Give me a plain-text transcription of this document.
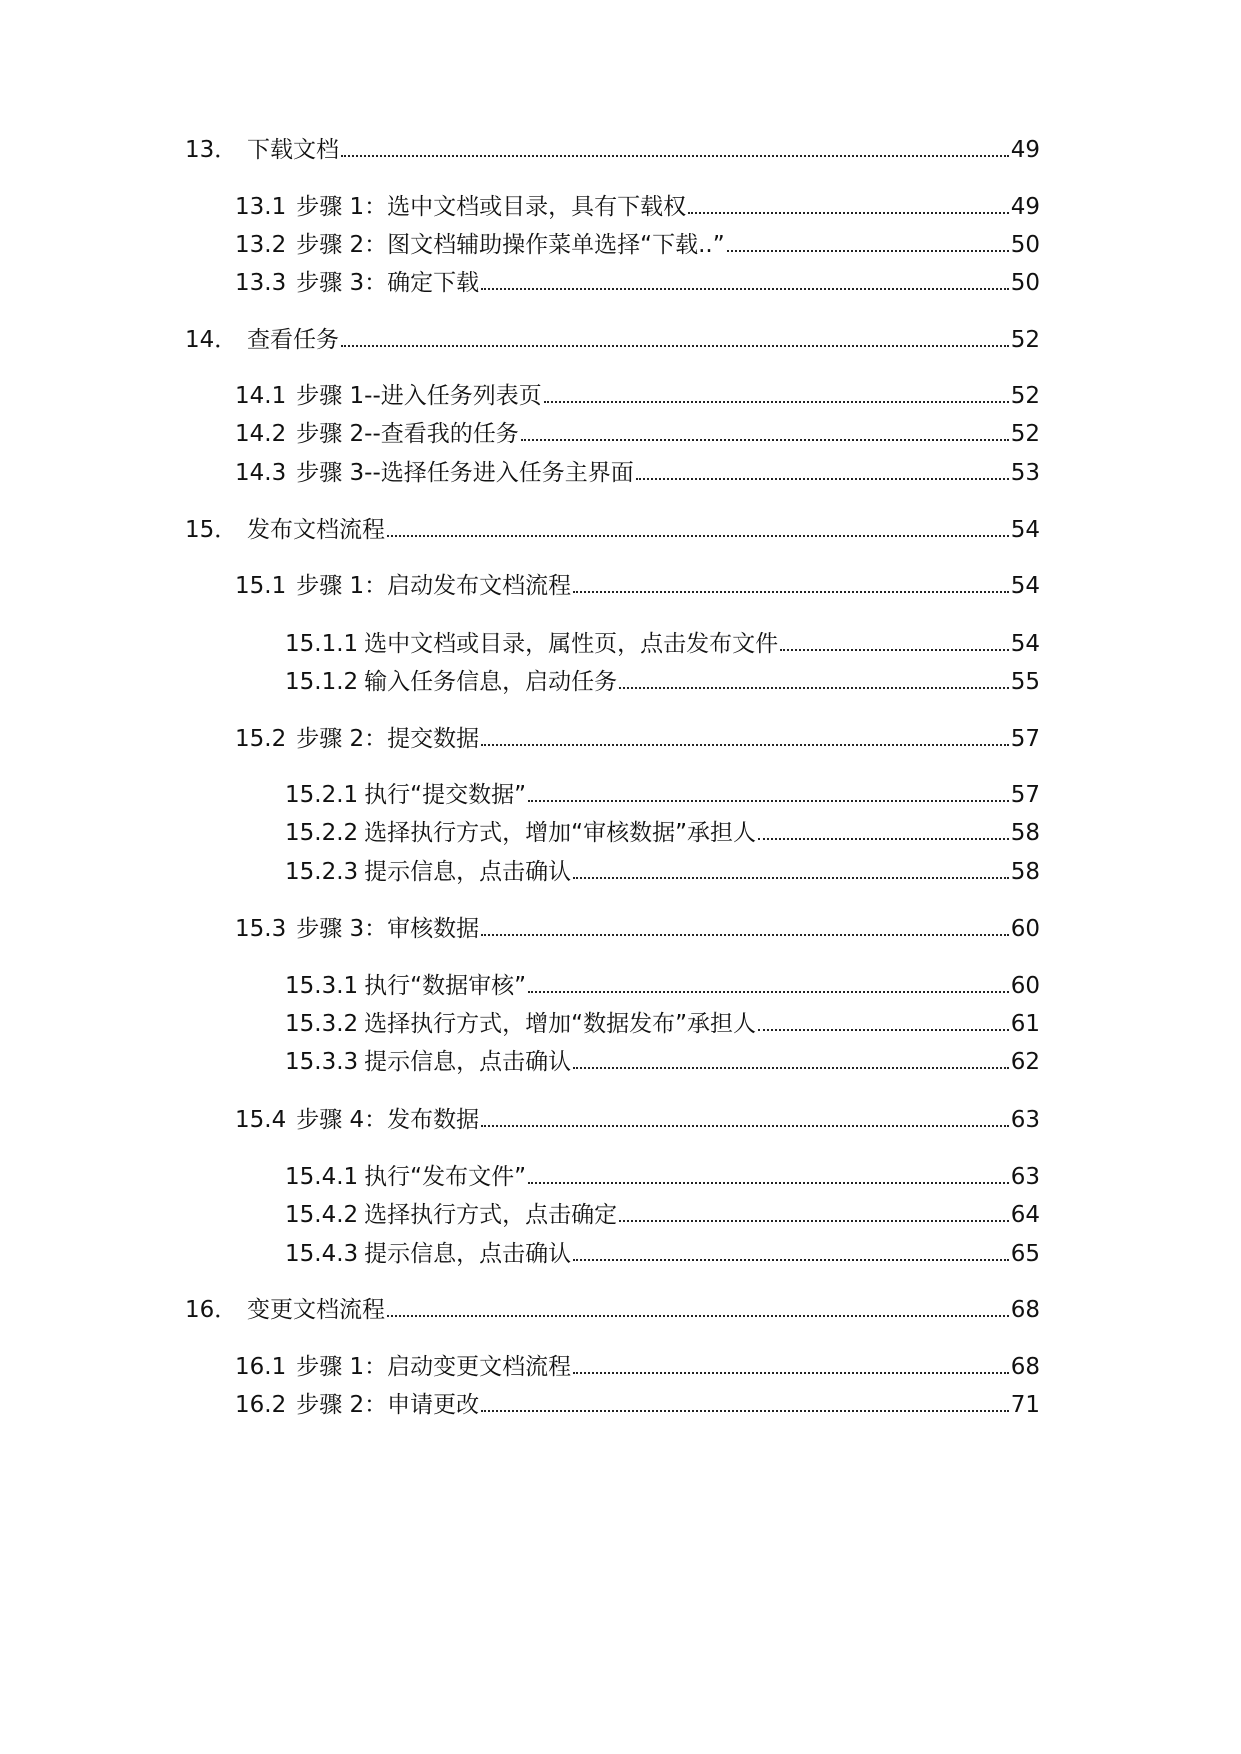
13． 下载文档	49
13.1 步骤 1：选中文档或目录，具有下载权	49
13.2 步骤 2：图文档辅助操作菜单选择“下载..”	50
13.3 步骤 3：确定下载	50
14． 查看任务	52
14.1 步骤 1--进入任务列表页	52
14.2 步骤 2--查看我的任务	52
14.3 步骤 3--选择任务进入任务主界面	53
15． 发布文档流程	54
15.1 步骤 1：启动发布文档流程	54
15.1.1 选中文档或目录，属性页，点击发布文件	54
15.1.2 输入任务信息，启动任务	55
15.2 步骤 2：提交数据	57
15.2.1 执行“提交数据”	57
15.2.2 选择执行方式，增加“审核数据”承担人	58
15.2.3 提示信息，点击确认	58
15.3 步骤 3：审核数据	60
15.3.1 执行“数据审核”	60
15.3.2 选择执行方式，增加“数据发布”承担人	61
15.3.3 提示信息，点击确认	62
15.4 步骤 4：发布数据	63
15.4.1 执行“发布文件”	63
15.4.2 选择执行方式，点击确定	64
15.4.3 提示信息，点击确认	65
16． 变更文档流程	68
16.1 步骤 1：启动变更文档流程	68
16.2 步骤 2：申请更改	71
